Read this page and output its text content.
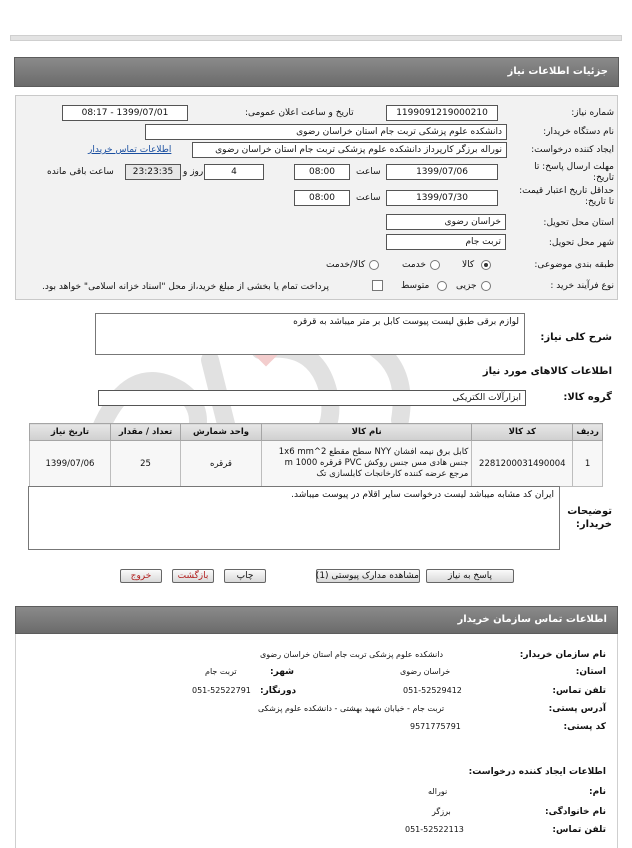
جزئیات اطلاعات نیاز
شماره نیاز:
1199091219000210
تاریخ و ساعت اعلان عمومی:
1399/07/01 - 08:17
نام دستگاه خریدار:
دانشکده علوم پزشکی تربت جام استان خراسان رضوی
ایجاد کننده درخواست:
نوراله برزگر کارپرداز دانشکده علوم پزشکی تربت جام استان خراسان رضوی
اطلاعات تماس خریدار
مهلت ارسال پاسخ: تا تاریخ:
1399/07/06
ساعت
08:00
4
روز و
23:23:35
ساعت باقی مانده
حداقل تاریخ اعتبار قیمت: تا تاریخ:
1399/07/30
ساعت
08:00
استان محل تحویل:
خراسان رضوی
شهر محل تحویل:
تربت جام
طبقه بندی موضوعی:
کالا
خدمت
کالا/خدمت
نوع فرآیند خرید :
جزیی
متوسط
پرداخت تمام یا بخشی از مبلغ خرید،از محل "اسناد خزانه اسلامی" خواهد بود.
شرح کلی نیاز:
لوازم برقی طبق لیست پیوست کابل بر متر میباشد به قرقره
اطلاعات کالاهای مورد نیاز
گروه کالا:
ابزارآلات الکتریکی
ردیف	کد کالا	نام کالا	واحد شمارش	تعداد / مقدار	تاریخ نیاز
1	2281200031490004	کابل برق نیمه افشان NYY سطح مقطع 1x6 mm^2 جنس هادی مس جنس روکش PVC قرقره 1000 m مرجع عرضه کننده کارخانجات کابلسازی تک	قرقره	25	1399/07/06
توضیحات خریدار:
ایران کد مشابه میباشد لیست درخواست سایر اقلام در پیوست میباشد.
پاسخ به نیاز
مشاهده مدارک پیوستی (1)
چاپ
بازگشت
خروج
اطلاعات تماس سازمان خریدار
نام سازمان خریدار:
دانشکده علوم پزشکی تربت جام استان خراسان رضوی
استان:
خراسان رضوی
شهر:
تربت جام
تلفن تماس:
051-52529412
دورنگار:
051-52522791
آدرس پستی:
تربت جام - خیابان شهید بهشتی - دانشکده علوم پزشکی
کد پستی:
9571775791
اطلاعات ایجاد کننده درخواست:
نام:
نوراله
نام خانوادگی:
برزگر
تلفن تماس:
051-52522113
